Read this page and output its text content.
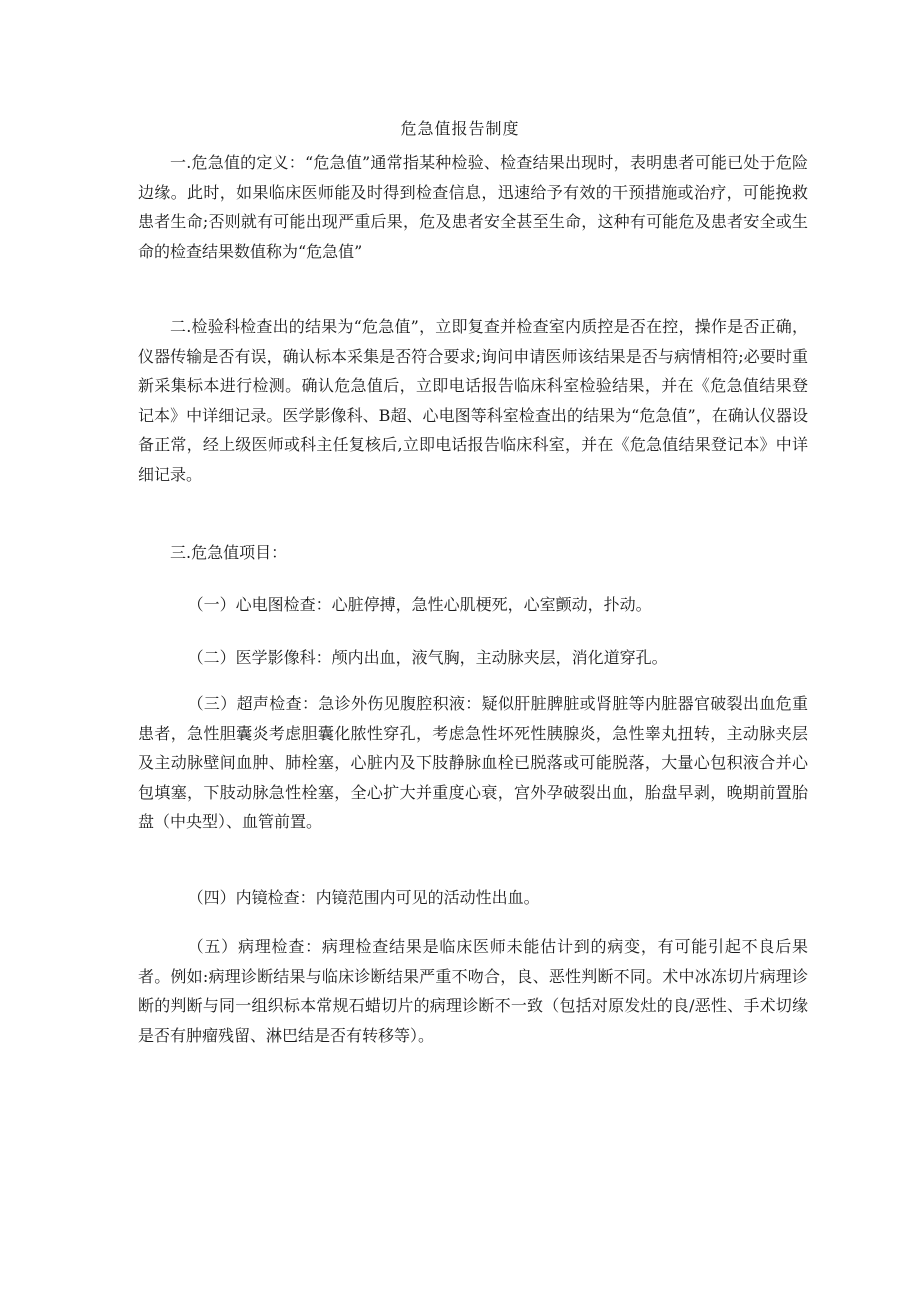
危急值报告制度

一.危急值的定义：“危急值”通常指某种检验、检查结果出现时，表明患者可能已处于危险边缘。此时，如果临床医师能及时得到检查信息，迅速给予有效的干预措施或治疗，可能挽救患者生命;否则就有可能出现严重后果，危及患者安全甚至生命，这种有可能危及患者安全或生命的检查结果数值称为“危急值”

二.检验科检查出的结果为“危急值”，立即复查并检查室内质控是否在控，操作是否正确，仪器传输是否有误，确认标本采集是否符合要求;询问申请医师该结果是否与病情相符;必要时重新采集标本进行检测。确认危急值后，立即电话报告临床科室检验结果，并在《危急值结果登记本》中详细记录。医学影像科、B超、心电图等科室检查出的结果为“危急值”，在确认仪器设备正常，经上级医师或科主任复核后,立即电话报告临床科室，并在《危急值结果登记本》中详细记录。

三.危急值项目：

（一）心电图检查：心脏停搏，急性心肌梗死，心室颤动，扑动。

（二）医学影像科：颅内出血，液气胸，主动脉夹层，消化道穿孔。

（三）超声检查：急诊外伤见腹腔积液：疑似肝脏脾脏或肾脏等内脏器官破裂出血危重患者，急性胆囊炎考虑胆囊化脓性穿孔，考虑急性坏死性胰腺炎，急性睾丸扭转，主动脉夹层及主动脉壁间血肿、肺栓塞，心脏内及下肢静脉血栓已脱落或可能脱落，大量心包积液合并心包填塞，下肢动脉急性栓塞，全心扩大并重度心衰，宫外孕破裂出血，胎盘早剥，晚期前置胎盘（中央型）、血管前置。

（四）内镜检查：内镜范围内可见的活动性出血。

（五）病理检查：病理检查结果是临床医师未能估计到的病变，有可能引起不良后果者。例如:病理诊断结果与临床诊断结果严重不吻合，良、恶性判断不同。术中冰冻切片病理诊断的判断与同一组织标本常规石蜡切片的病理诊断不一致（包括对原发灶的良/恶性、手术切缘是否有肿瘤残留、淋巴结是否有转移等）。
